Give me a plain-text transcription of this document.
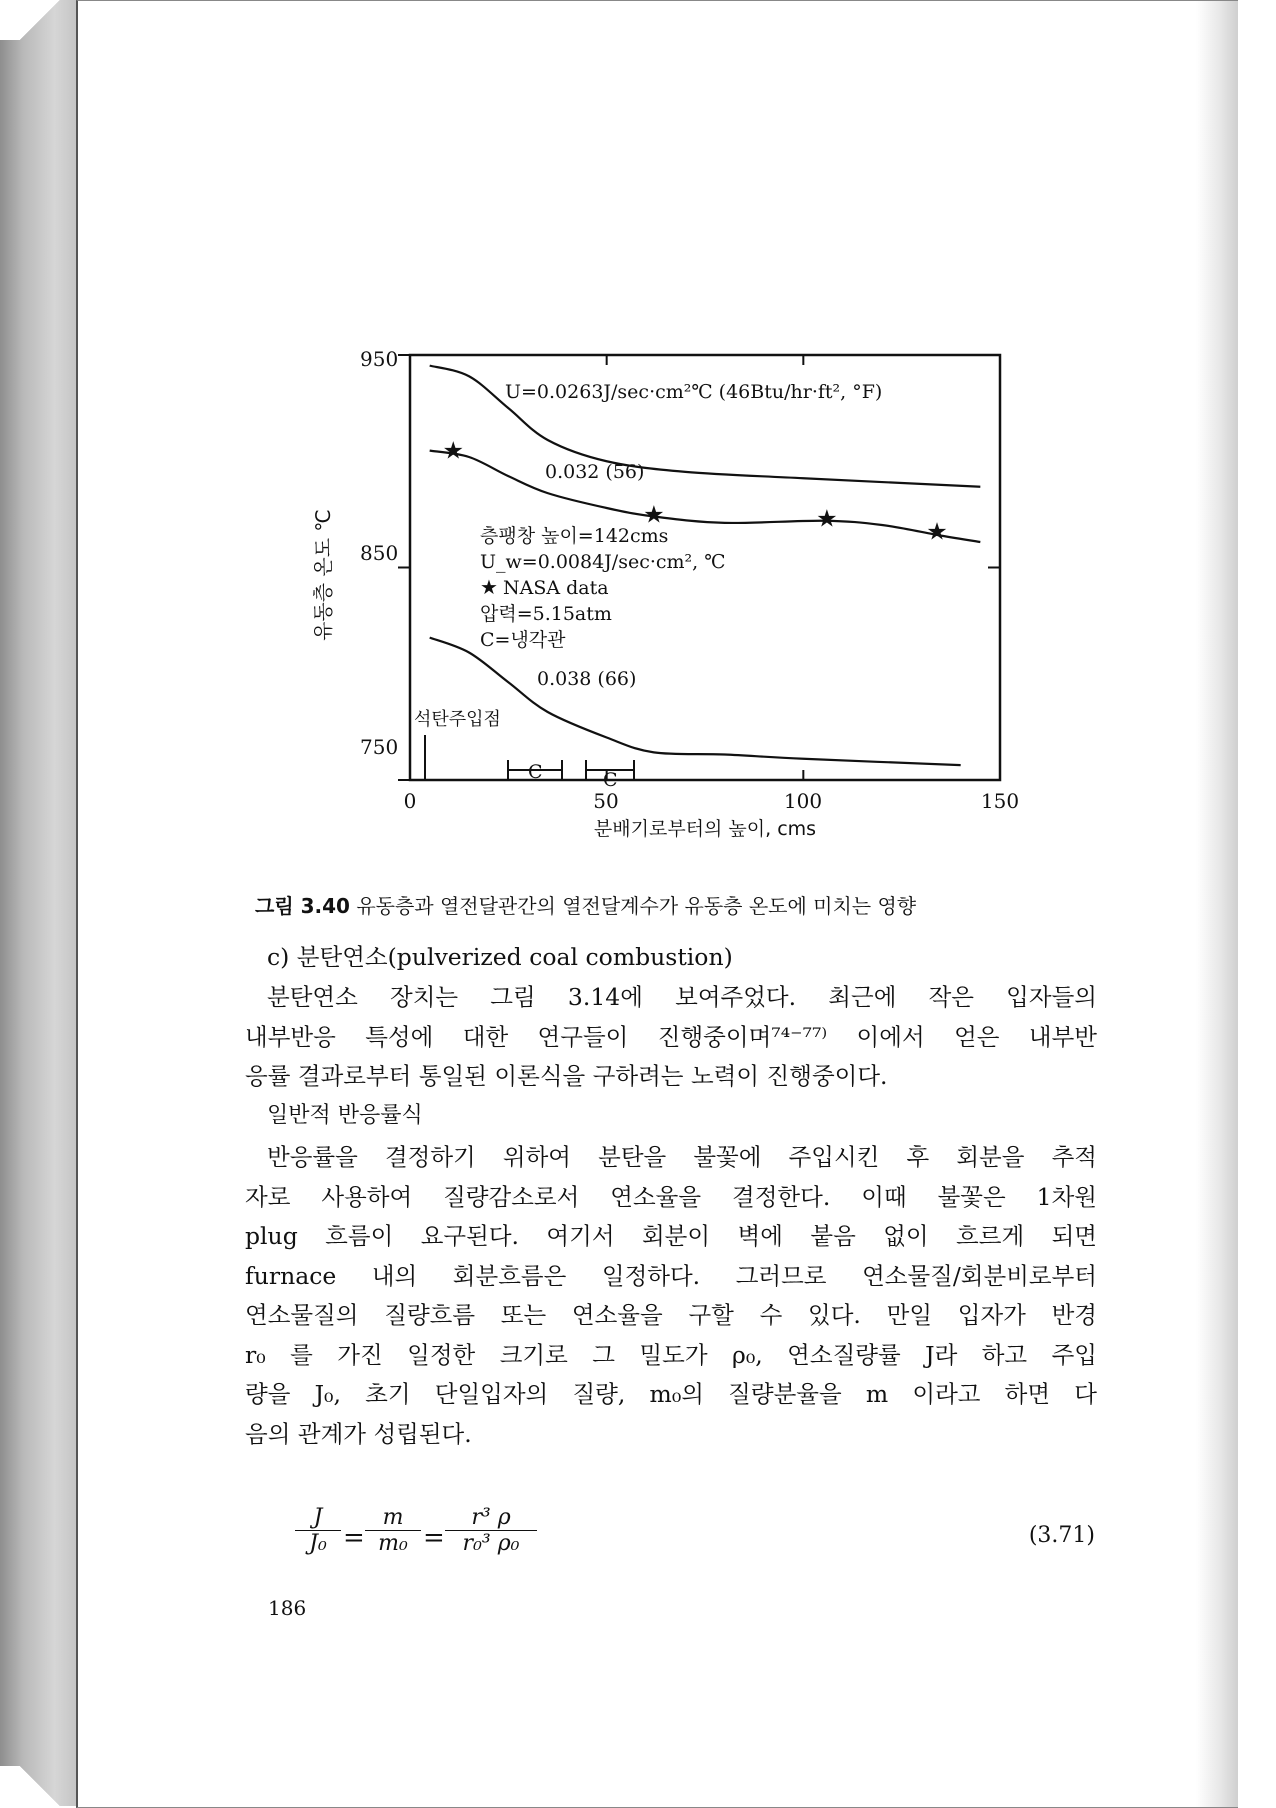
★
★	★	★
950
850
750
0	50	100	150
분배기로부터의 높이, cms
유동층 온도 ℃
U=0.0263J/sec·cm²℃ (46Btu/hr·ft², °F)
0.032 (56)
0.038 (66)
층팽창 높이=142cms
U_w=0.0084J/sec·cm², ℃
★ NASA data
압력=5.15atm
C=냉각관
석탄주입점
C	C
그림 3.40 유동층과 열전달관간의 열전달계수가 유동층 온도에 미치는 영향
c) 분탄연소(pulverized coal combustion)
분탄연소 장치는 그림 3.14에 보여주었다. 최근에 작은 입자들의
내부반응 특성에 대한 연구들이 진행중이며⁷⁴⁻⁷⁷⁾ 이에서 얻은 내부반
응률 결과로부터 통일된 이론식을 구하려는 노력이 진행중이다.
일반적 반응률식
반응률을 결정하기 위하여 분탄을 불꽃에 주입시킨 후 회분을 추적
자로 사용하여 질량감소로서 연소율을 결정한다. 이때 불꽃은 1차원
plug 흐름이 요구된다. 여기서 회분이 벽에 붙음 없이 흐르게 되면
furnace 내의 회분흐름은 일정하다. 그러므로 연소물질/회분비로부터
연소물질의 질량흐름 또는 연소율을 구할 수 있다. 만일 입자가 반경
r₀ 를 가진 일정한 크기로 그 밀도가 ρ₀, 연소질량률 J라 하고 주입
량을 J₀, 초기 단일입자의 질량, m₀의 질량분율을 m 이라고 하면 다
음의 관계가 성립된다.
$\frac{J}{\text{J₀}} = \frac{m}{\text{m₀}} = \frac{\text{r³ ρ}}{\text{r₀³ ρ₀}}$	(3.71)
186
